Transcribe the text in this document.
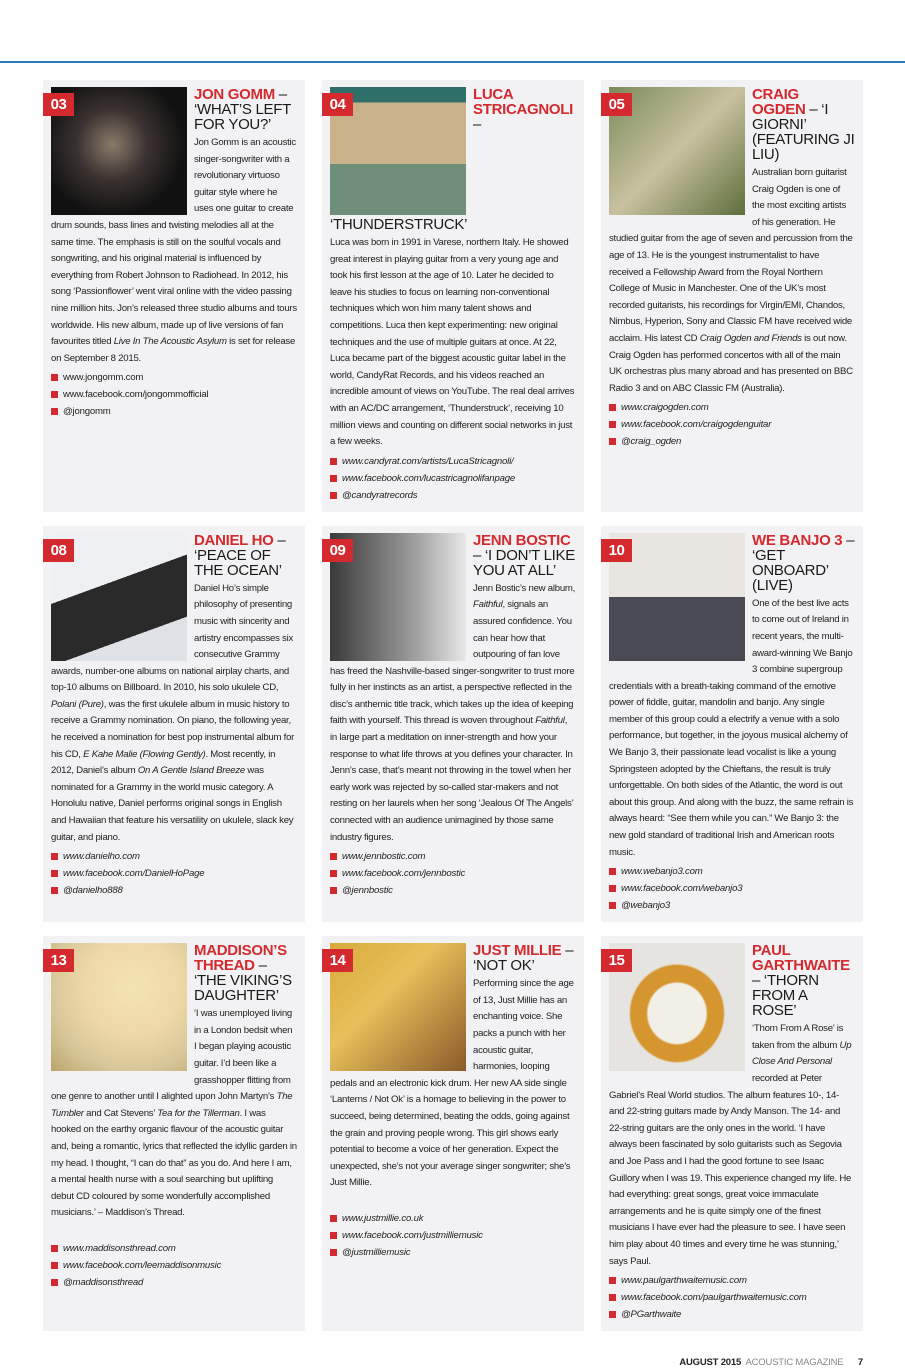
03
JON GOMM – ‘WHAT’S LEFT FOR YOU?’
Jon Gomm is an acoustic singer-songwriter with a revolutionary virtuoso guitar style where he uses one guitar to create drum sounds, bass lines and twisting melodies all at the same time. The emphasis is still on the soulful vocals and songwriting, and his original material is influenced by everything from Robert Johnson to Radiohead. In 2012, his song ‘Passionflower’ went viral online with the video passing nine million hits. Jon’s released three studio albums and tours worldwide. His new album, made up of live versions of fan favourites titled Live In The Acoustic Asylum is set for release on September 8 2015.
www.jongomm.com
www.facebook.com/jongommofficial
@jongomm
04
LUCA STRICAGNOLI – ‘THUNDERSTRUCK’
Luca was born in 1991 in Varese, northern Italy. He showed great interest in playing guitar from a very young age and took his first lesson at the age of 10. Later he decided to leave his studies to focus on learning non-conventional techniques which won him many talent shows and competitions. Luca then kept experimenting: new original techniques and the use of multiple guitars at once. At 22, Luca became part of the biggest acoustic guitar label in the world, CandyRat Records, and his videos reached an incredible amount of views on YouTube. The real deal arrives with an AC/DC arrangement, ‘Thunderstruck’, receiving 10 million views and counting on different social networks in just a few weeks.
www.candyrat.com/artists/LucaStricagnoli/
www.facebook.com/lucastricagnolifanpage
@candyratrecords
05
CRAIG OGDEN – ‘I GIORNI’ (FEATURING JI LIU)
Australian born guitarist Craig Ogden is one of the most exciting artists of his generation. He studied guitar from the age of seven and percussion from the age of 13. He is the youngest instrumentalist to have received a Fellowship Award from the Royal Northern College of Music in Manchester. One of the UK’s most recorded guitarists, his recordings for Virgin/EMI, Chandos, Nimbus, Hyperion, Sony and Classic FM have received wide acclaim. His latest CD Craig Ogden and Friends is out now. Craig Ogden has performed concertos with all of the main UK orchestras plus many abroad and has presented on BBC Radio 3 and on ABC Classic FM (Australia).
www.craigogden.com
www.facebook.com/craigogdenguitar
@craig_ogden
08
DANIEL HO – ‘PEACE OF THE OCEAN’
Daniel Ho’s simple philosophy of presenting music with sincerity and artistry encompasses six consecutive Grammy awards, number-one albums on national airplay charts, and top-10 albums on Billboard. In 2010, his solo ukulele CD, Polani (Pure), was the first ukulele album in music history to receive a Grammy nomination. On piano, the following year, he received a nomination for best pop instrumental album for his CD, E Kahe Malie (Flowing Gently). Most recently, in 2012, Daniel’s album On A Gentle Island Breeze was nominated for a Grammy in the world music category. A Honolulu native, Daniel performs original songs in English and Hawaiian that feature his versatility on ukulele, slack key guitar, and piano.
www.danielho.com
www.facebook.com/DanielHoPage
@danielho888
09
JENN BOSTIC – ‘I DON’T LIKE YOU AT ALL’
Jenn Bostic’s new album, Faithful, signals an assured confidence. You can hear how that outpouring of fan love has freed the Nashville-based singer-songwriter to trust more fully in her instincts as an artist, a perspective reflected in the disc’s anthemic title track, which takes up the idea of keeping faith with yourself. This thread is woven throughout Faithful, in large part a meditation on inner-strength and how your response to what life throws at you defines your character. In Jenn’s case, that’s meant not throwing in the towel when her early work was rejected by so-called star-makers and not resting on her laurels when her song ‘Jealous Of The Angels’ connected with an audience unimagined by those same industry figures.
www.jennbostic.com
www.facebook.com/jennbostic
@jennbostic
10
WE BANJO 3 – ‘GET ONBOARD’ (LIVE)
One of the best live acts to come out of Ireland in recent years, the multi-award-winning We Banjo 3 combine supergroup credentials with a breath-taking command of the emotive power of fiddle, guitar, mandolin and banjo. Any single member of this group could a electrify a venue with a solo performance, but together, in the joyous musical alchemy of We Banjo 3, their passionate lead vocalist is like a young Springsteen adopted by the Chieftans, the result is truly unforgettable. On both sides of the Atlantic, the word is out about this group. And along with the buzz, the same refrain is always heard: “See them while you can.” We Banjo 3: the new gold standard of traditional Irish and American roots music.
www.webanjo3.com
www.facebook.com/webanjo3
@webanjo3
13
MADDISON’S THREAD – ‘THE VIKING’S DAUGHTER’
‘I was unemployed living in a London bedsit when I began playing acoustic guitar. I’d been like a grasshopper flitting from one genre to another until I alighted upon John Martyn’s The Tumbler and Cat Stevens’ Tea for the Tillerman. I was hooked on the earthy organic flavour of the acoustic guitar and, being a romantic, lyrics that reflected the idyllic garden in my head. I thought, “I can do that” as you do. And here I am, a mental health nurse with a soul searching but uplifting debut CD coloured by some wonderfully accomplished musicians.’ – Maddison’s Thread.
www.maddisonsthread.com
www.facebook.com/leemaddisonmusic
@maddisonsthread
14
JUST MILLIE – ‘NOT OK’
Performing since the age of 13, Just Millie has an enchanting voice. She packs a punch with her acoustic guitar, harmonies, looping pedals and an electronic kick drum. Her new AA side single ‘Lanterns / Not Ok’ is a homage to believing in the power to succeed, being determined, beating the odds, going against the grain and proving people wrong. This girl shows early potential to become a voice of her generation. Expect the unexpected, she’s not your average singer songwriter; she’s Just Millie.
www.justmillie.co.uk
www.facebook.com/justmilliemusic
@justmilliemusic
15
PAUL GARTHWAITE – ‘THORN FROM A ROSE’
‘Thorn From A Rose’ is taken from the album Up Close And Personal recorded at Peter Gabriel’s Real World studios. The album features 10-, 14- and 22-string guitars made by Andy Manson. The 14- and 22-string guitars are the only ones in the world. ‘I have always been fascinated by solo guitarists such as Segovia and Joe Pass and I had the good fortune to see Isaac Guillory when I was 19. This experience changed my life. He had everything: great songs, great voice immaculate arrangements and he is quite simply one of the finest musicians I have ever had the pleasure to see. I have seen him play about 40 times and every time he was stunning,’ says Paul.
www.paulgarthwaitemusic.com
www.facebook.com/paulgarthwaitemusic.com
@PGarthwaite
AUGUST 2015 ACOUSTIC MAGAZINE 7
